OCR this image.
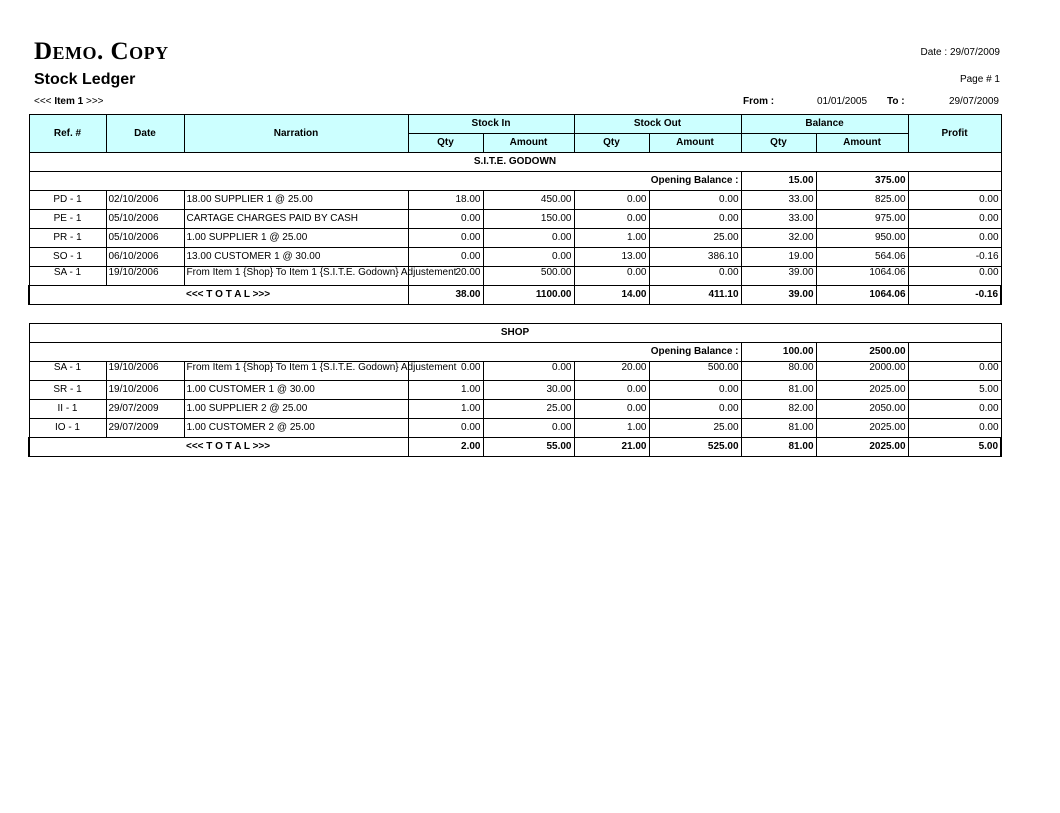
Demo. Copy
Stock Ledger
Date : 29/07/2009
Page # 1
<<< Item 1 >>>	From :	01/01/2005 To :	29/07/2009
Ref. #	Date	Narration	Stock In		Stock Out		Balance		Profit
			Qty	Amount	Qty	Amount	Qty	Amount	
S.I.T.E. GODOWN									
Opening Balance :							15.00	375.00	
PD - 1	02/10/2006	18.00 SUPPLIER 1 @ 25.00	18.00	450.00	0.00	0.00	33.00	825.00	0.00
PE - 1	05/10/2006	CARTAGE CHARGES PAID BY CASH	0.00	150.00	0.00	0.00	33.00	975.00	0.00
PR - 1	05/10/2006	1.00 SUPPLIER 1 @ 25.00	0.00	0.00	1.00	25.00	32.00	950.00	0.00
SO - 1	06/10/2006	13.00 CUSTOMER 1 @ 30.00	0.00	0.00	13.00	386.10	19.00	564.06	-0.16
SA - 1	19/10/2006	From Item 1 {Shop} To Item 1 {S.I.T.E. Godown} Adjustement	20.00	500.00	0.00	0.00	39.00	1064.06	0.00
		<<< T O T A L >>>	38.00	1100.00	14.00	411.10	39.00	1064.06	-0.16

SHOP									
Opening Balance :							100.00	2500.00	
SA - 1	19/10/2006	From Item 1 {Shop} To Item 1 {S.I.T.E. Godown} Adjustement	0.00	0.00	20.00	500.00	80.00	2000.00	0.00
SR - 1	19/10/2006	1.00 CUSTOMER 1 @ 30.00	1.00	30.00	0.00	0.00	81.00	2025.00	5.00
II - 1	29/07/2009	1.00 SUPPLIER 2 @ 25.00	1.00	25.00	0.00	0.00	82.00	2050.00	0.00
IO - 1	29/07/2009	1.00 CUSTOMER 2 @ 25.00	0.00	0.00	1.00	25.00	81.00	2025.00	0.00
		<<< T O T A L >>>	2.00	55.00	21.00	525.00	81.00	2025.00	5.00
